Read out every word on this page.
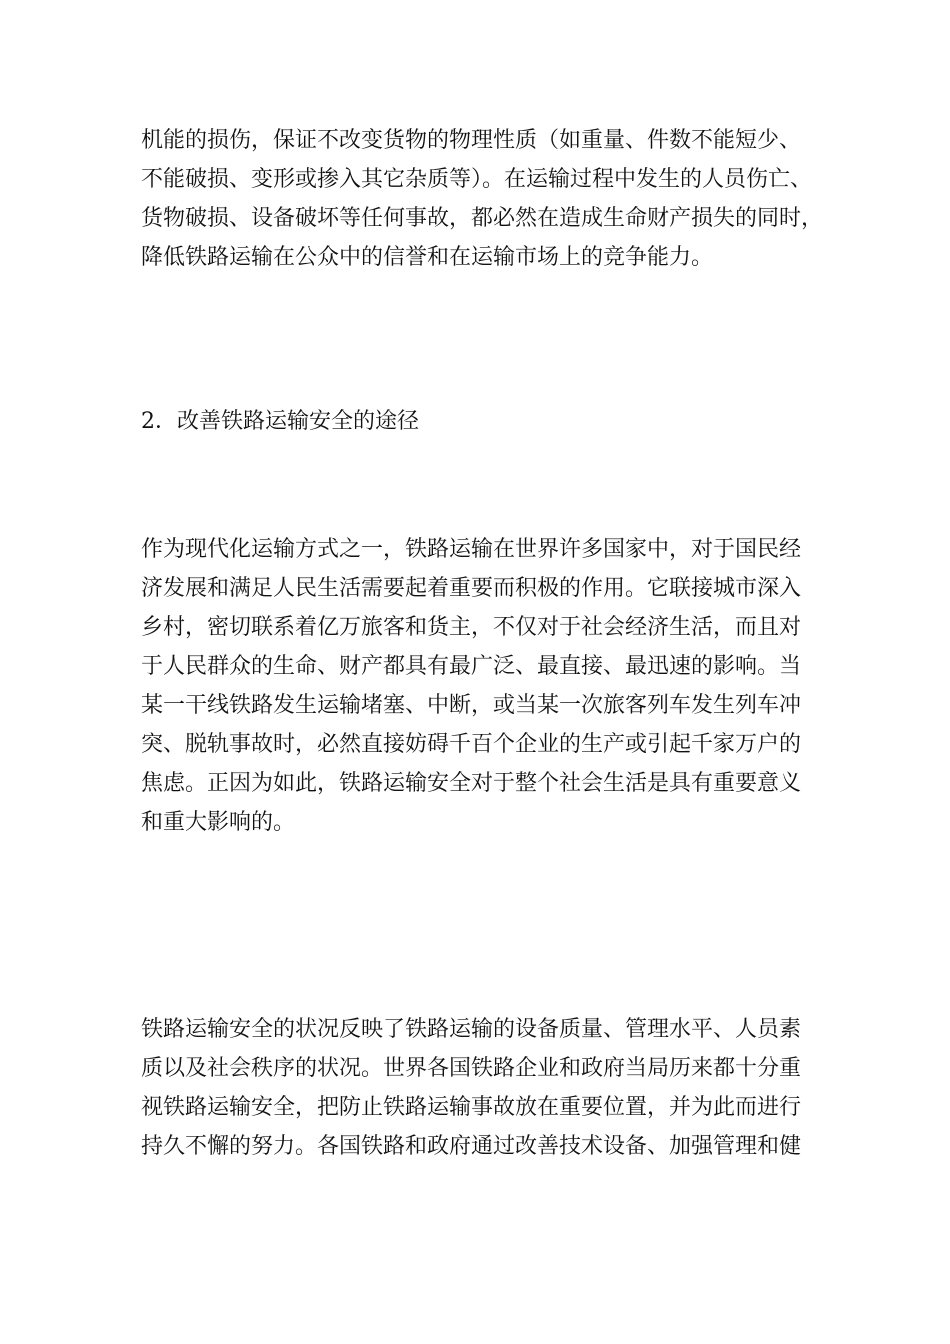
机能的损伤，保证不改变货物的物理性质（如重量、件数不能短少、
不能破损、变形或掺入其它杂质等）。在运输过程中发生的人员伤亡、
货物破损、设备破坏等任何事故，都必然在造成生命财产损失的同时，
降低铁路运输在公众中的信誉和在运输市场上的竞争能力。
2．改善铁路运输安全的途径
作为现代化运输方式之一，铁路运输在世界许多国家中，对于国民经
济发展和满足人民生活需要起着重要而积极的作用。它联接城市深入
乡村，密切联系着亿万旅客和货主，不仅对于社会经济生活，而且对
于人民群众的生命、财产都具有最广泛、最直接、最迅速的影响。当
某一干线铁路发生运输堵塞、中断，或当某一次旅客列车发生列车冲
突、脱轨事故时，必然直接妨碍千百个企业的生产或引起千家万户的
焦虑。正因为如此，铁路运输安全对于整个社会生活是具有重要意义
和重大影响的。
铁路运输安全的状况反映了铁路运输的设备质量、管理水平、人员素
质以及社会秩序的状况。世界各国铁路企业和政府当局历来都十分重
视铁路运输安全，把防止铁路运输事故放在重要位置，并为此而进行
持久不懈的努力。各国铁路和政府通过改善技术设备、加强管理和健
